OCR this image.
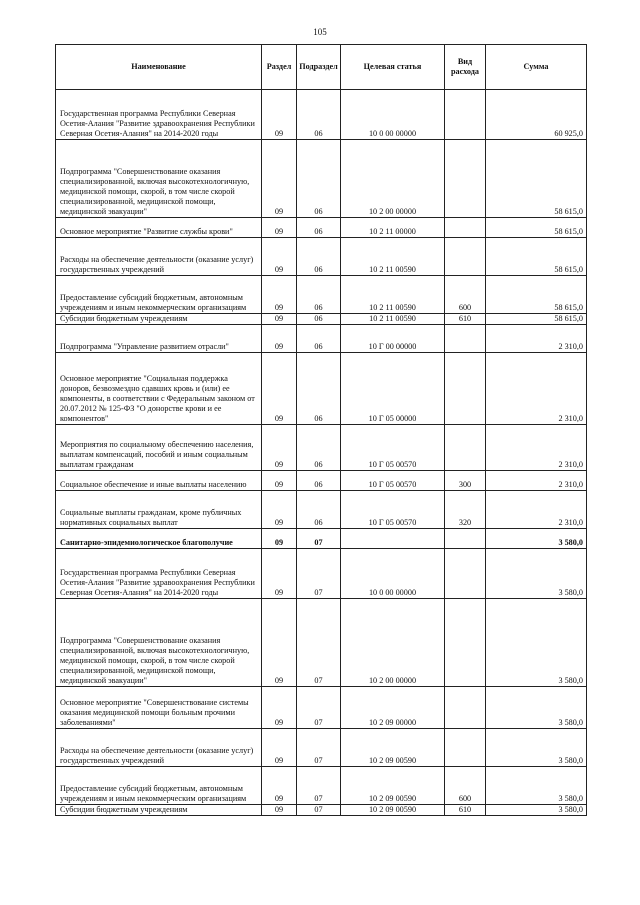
105
Наименование	Раздел	Подраздел	Целевая статья	Вид расхода	Сумма
Государственная программа Республики Северная Осетия-Алания "Развитие здравоохранения Республики Северная Осетия-Алания" на 2014-2020 годы	09	06	10 0 00 00000		60 925,0
Подпрограмма "Совершенствование оказания специализированной, включая высокотехнологичную, медицинской помощи, скорой, в том числе скорой специализированной, медицинской помощи, медицинской эвакуации"	09	06	10 2 00 00000		58 615,0
Основное мероприятие "Развитие службы крови"	09	06	10 2 11 00000		58 615,0
Расходы на обеспечение деятельности (оказание услуг) государственных учреждений	09	06	10 2 11 00590		58 615,0
Предоставление субсидий бюджетным, автономным учреждениям и иным некоммерческим организациям	09	06	10 2 11 00590	600	58 615,0
Субсидии бюджетным учреждениям	09	06	10 2 11 00590	610	58 615,0
Подпрограмма "Управление развитием отрасли"	09	06	10 Г 00 00000		2 310,0
Основное мероприятие "Социальная поддержка доноров, безвозмездно сдавших кровь и (или) ее компоненты, в соответствии с Федеральным законом от 20.07.2012 № 125-ФЗ "О донорстве крови и ее компонентов"	09	06	10 Г 05 00000		2 310,0
Мероприятия по социальному обеспечению населения, выплатам компенсаций, пособий и иным социальным выплатам гражданам	09	06	10 Г 05 00570		2 310,0
Социальное обеспечение и иные выплаты населению	09	06	10 Г 05 00570	300	2 310,0
Социальные выплаты гражданам, кроме публичных нормативных социальных выплат	09	06	10 Г 05 00570	320	2 310,0
Санитарно-эпидемиологическое благополучие	09	07			3 580,0
Государственная программа Республики Северная Осетия-Алания "Развитие здравоохранения Республики Северная Осетия-Алания" на 2014-2020 годы	09	07	10 0 00 00000		3 580,0
Подпрограмма "Совершенствование оказания специализированной, включая высокотехнологичную, медицинской помощи, скорой, в том числе скорой специализированной, медицинской помощи, медицинской эвакуации"	09	07	10 2 00 00000		3 580,0
Основное мероприятие "Совершенствование системы оказания медицинской помощи больным прочими заболеваниями"	09	07	10 2 09 00000		3 580,0
Расходы на обеспечение деятельности (оказание услуг) государственных учреждений	09	07	10 2 09 00590		3 580,0
Предоставление субсидий бюджетным, автономным учреждениям и иным некоммерческим организациям	09	07	10 2 09 00590	600	3 580,0
Субсидии бюджетным учреждениям	09	07	10 2 09 00590	610	3 580,0
